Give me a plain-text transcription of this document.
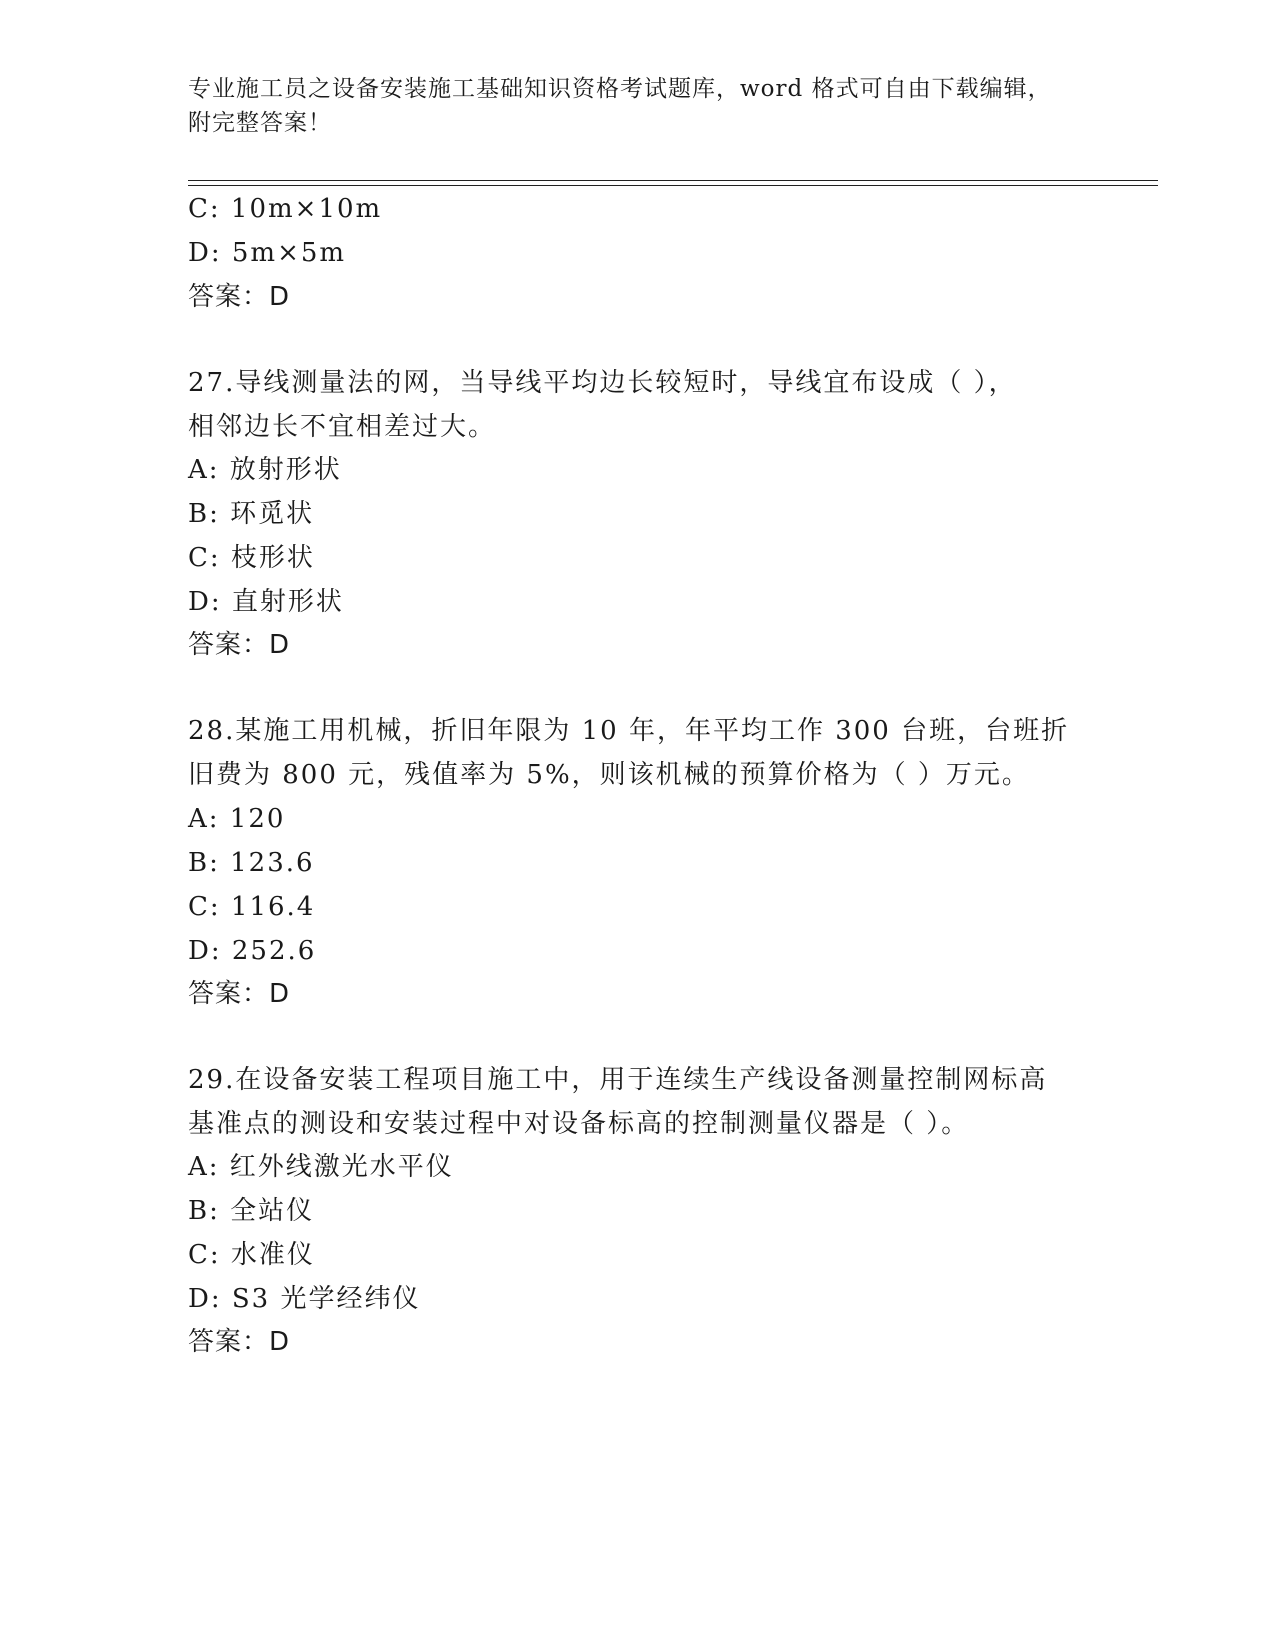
专业施工员之设备安装施工基础知识资格考试题库，word 格式可自由下载编辑，
附完整答案！
C: 10m×10m
D: 5m×5m
答案：D
27.导线测量法的网，当导线平均边长较短时，导线宜布设成（ ），
相邻边长不宜相差过大。
A: 放射形状
B: 环觅状
C: 枝形状
D: 直射形状
答案：D
28.某施工用机械，折旧年限为 10 年，年平均工作 300 台班，台班折
旧费为 800 元，残值率为 5%，则该机械的预算价格为（ ）万元。
A: 120
B: 123.6
C: 116.4
D: 252.6
答案：D
29.在设备安装工程项目施工中，用于连续生产线设备测量控制网标高
基准点的测设和安装过程中对设备标高的控制测量仪器是（ ）。
A: 红外线激光水平仪
B: 全站仪
C: 水准仪
D: S3 光学经纬仪
答案：D
